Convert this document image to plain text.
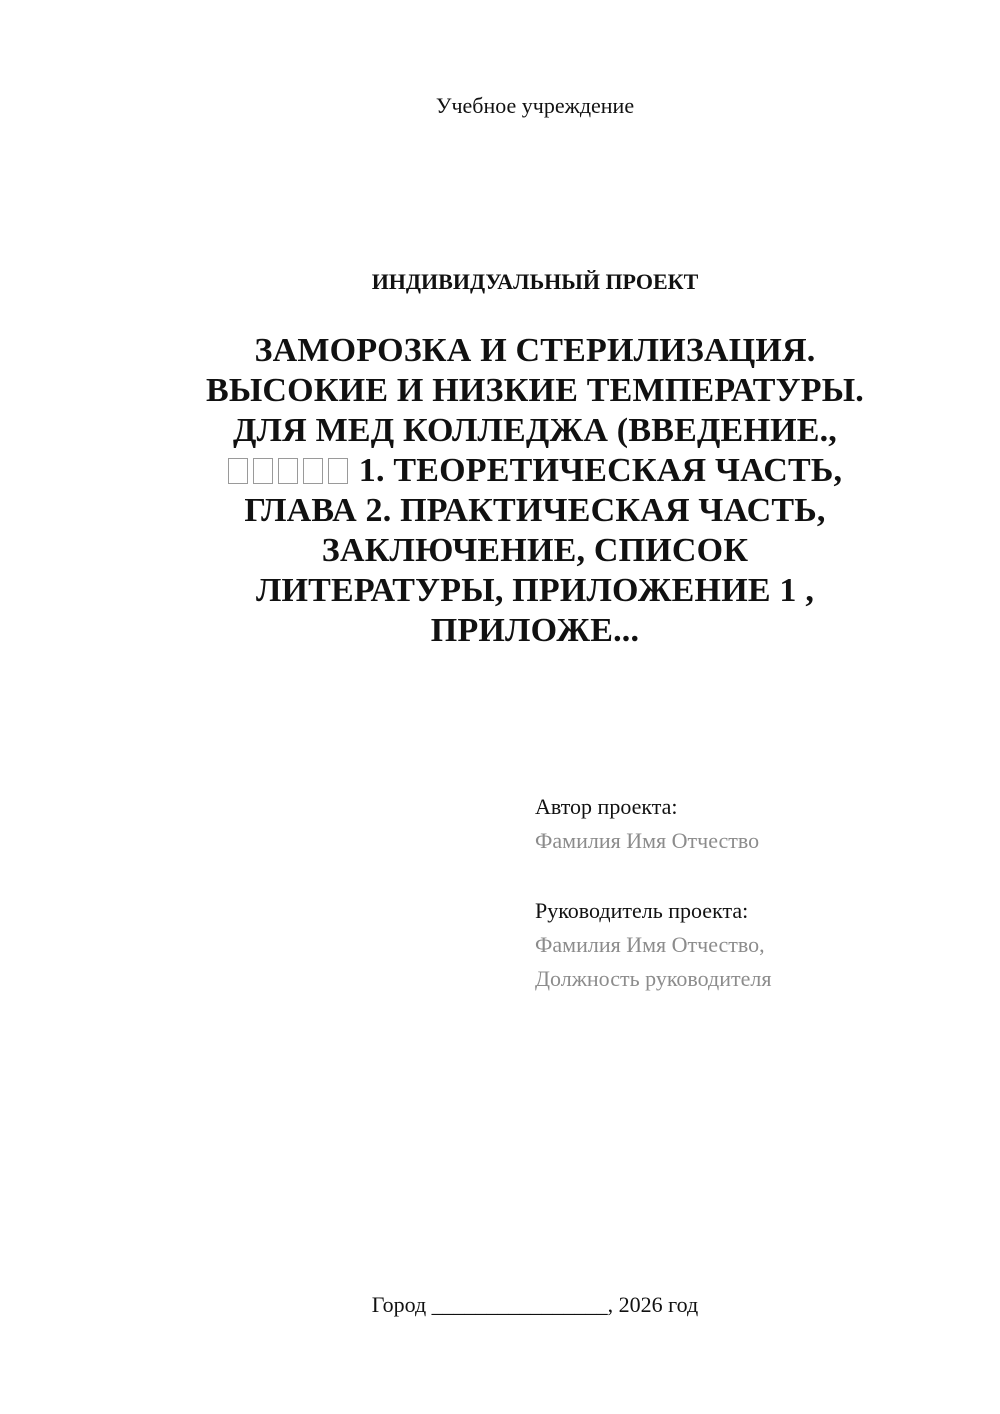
Учебное учреждение
ИНДИВИДУАЛЬНЫЙ ПРОЕКТ
ЗАМОРОЗКА И СТЕРИЛИЗАЦИЯ.
ВЫСОКИЕ И НИЗКИЕ ТЕМПЕРАТУРЫ.
ДЛЯ МЕД КОЛЛЕДЖА (ВВЕДЕНИЕ.,
1. ТЕОРЕТИЧЕСКАЯ ЧАСТЬ,
ГЛАВА 2. ПРАКТИЧЕСКАЯ ЧАСТЬ,
ЗАКЛЮЧЕНИЕ, СПИСОК
ЛИТЕРАТУРЫ, ПРИЛОЖЕНИЕ 1 ,
ПРИЛОЖЕ...
Автор проекта:
Фамилия Имя Отчество
Руководитель проекта:
Фамилия Имя Отчество,
Должность руководителя
Город ________________, 2026 год
